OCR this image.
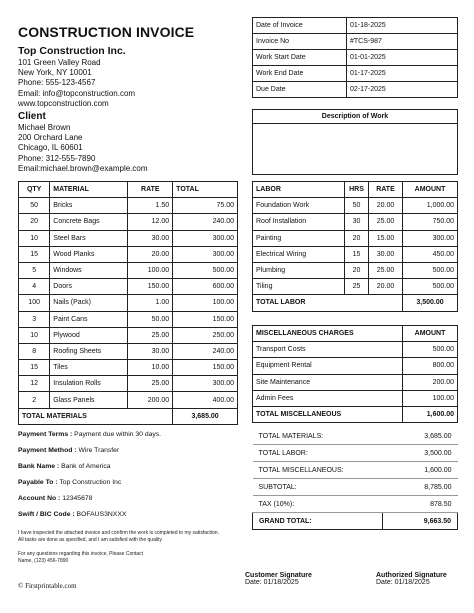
CONSTRUCTION INVOICE
Top Construction Inc.
101 Green Valley Road
New York, NY 10001
Phone: 555-123-4567
Email: info@topconstruction.com
www.topconstruction.com
Client
Michael Brown
200 Orchard Lane
Chicago, IL 60601
Phone: 312-555-7890
Email:michael.brown@example.com
Date of Invoice	01-18-2025
Invoice No	#TCS-987
Work Start Date	01-01-2025
Work End Date	01-17-2025
Due Date	02-17-2025
Description of Work
QTY	MATERIAL	RATE	TOTAL
50	Bricks	1.50	75.00
20	Concrete Bags	12.00	240.00
10	Steel Bars	30.00	300.00
15	Wood Planks	20.00	300.00
5	Windows	100.00	500.00
4	Doors	150.00	600.00
100	Nails (Pack)	1.00	100.00
3	Paint Cans	50.00	150.00
10	Plywood	25.00	250.00
8	Roofing Sheets	30.00	240.00
15	Tiles	10.00	150.00
12	Insulation Rolls	25.00	300.00
2	Glass Panels	200.00	400.00
TOTAL MATERIALS			3,685.00
LABOR	HRS	RATE	AMOUNT
Foundation Work	50	20.00	1,000.00
Roof Installation	30	25.00	750.00
Painting	20	15.00	300.00
Electrical Wiring	15	30.00	450.00
Plumbing	20	25.00	500.00
Tiling	25	20.00	500.00
TOTAL LABOR			3,500.00
MISCELLANEOUS CHARGES	AMOUNT
Transport Costs	500.00
Equipment Rental	800.00
Site Maintenance	200.00
Admin Fees	100.00
TOTAL MISCELLANEOUS	1,600.00
Payment Terms : Payment due within 30 days.
Payment Method : Wire Transfer
Bank Name : Bank of America
Payable To : Top Construction Inc
Account No : 12345678
Swift / BIC Code : BOFAUS3NXXX
TOTAL MATERIALS:	3,685.00
TOTAL LABOR:	3,500.00
TOTAL MISCELLANEOUS:	1,600.00
SUBTOTAL:	8,785.00
TAX (10%):	878.50
GRAND TOTAL:	9,663.50
I have inspected the attached invoice and confirm the work is completed to my satisfaction.
All tasks are done as specified, and I am satisfied with the quality
For any questions regarding this invoice, Please Contact
Name, (123) 456-7890
© Firstprintable.com
Customer Signature
Date: 01/18/2025
Authorized Signature
Date: 01/18/2025
